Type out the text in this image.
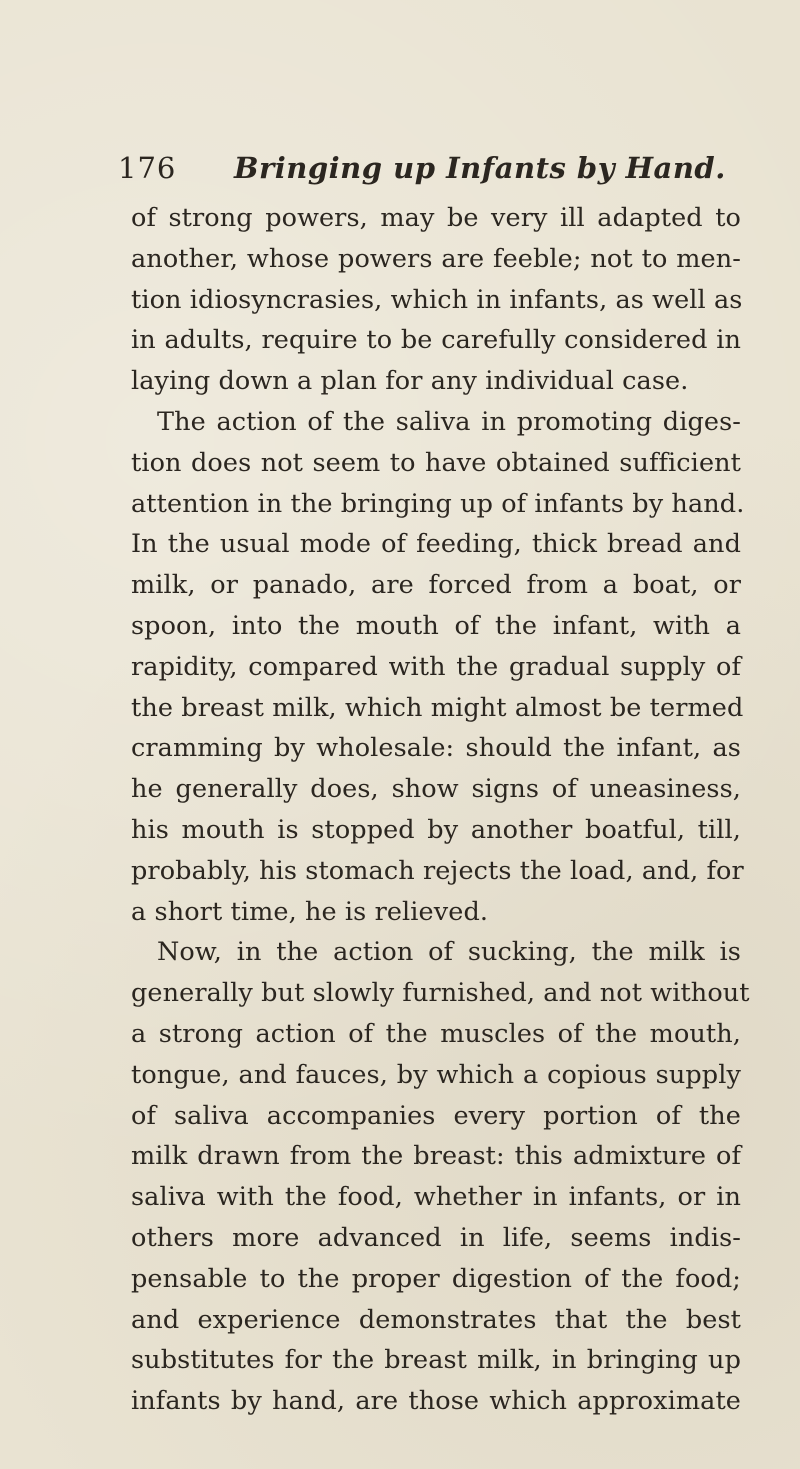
176 Bringing up Infants by Hand.
of strong powers, may be very ill adapted to
another, whose powers are feeble; not to men-
tion idiosyncrasies, which in infants, as well as
in adults, require to be carefully considered in
laying down a plan for any individual case.
The action of the saliva in promoting diges-
tion does not seem to have obtained sufficient
attention in the bringing up of infants by hand.
In the usual mode of feeding, thick bread and
milk, or panado, are forced from a boat, or
spoon, into the mouth of the infant, with a
rapidity, compared with the gradual supply of
the breast milk, which might almost be termed
cramming by wholesale: should the infant, as
he generally does, show signs of uneasiness,
his mouth is stopped by another boatful, till,
probably, his stomach rejects the load, and, for
a short time, he is relieved.
Now, in the action of sucking, the milk is
generally but slowly furnished, and not without
a strong action of the muscles of the mouth,
tongue, and fauces, by which a copious supply
of saliva accompanies every portion of the
milk drawn from the breast: this admixture of
saliva with the food, whether in infants, or in
others more advanced in life, seems indis-
pensable to the proper digestion of the food;
and experience demonstrates that the best
substitutes for the breast milk, in bringing up
infants by hand, are those which approximate
